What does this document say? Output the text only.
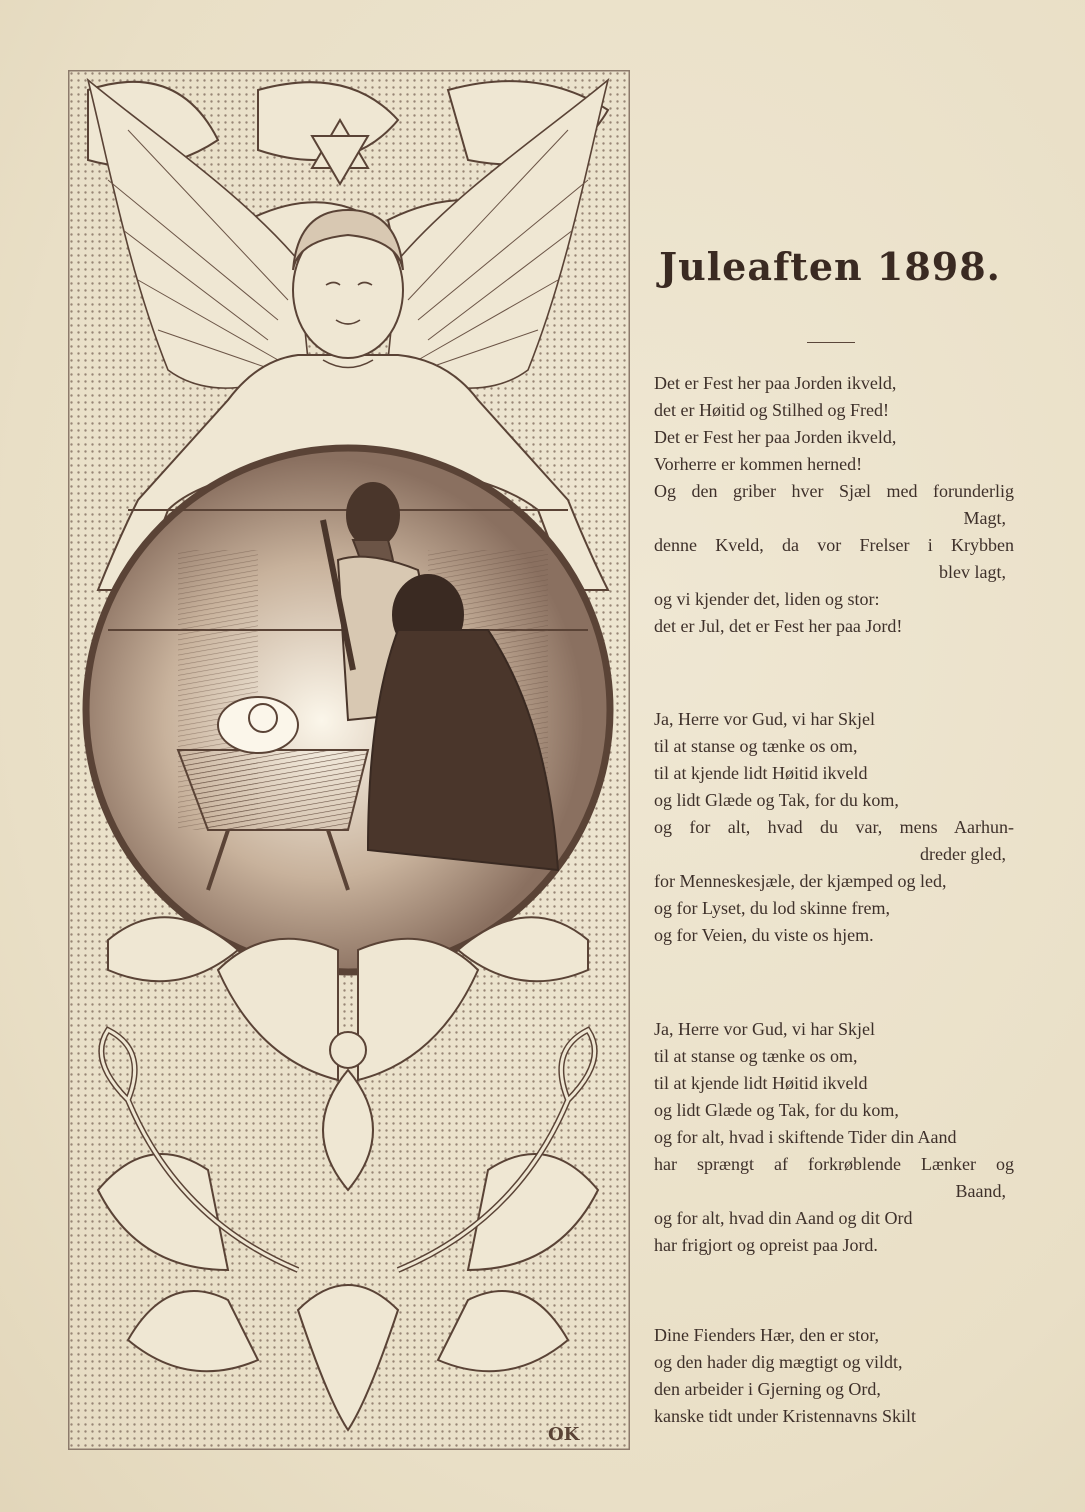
OK
Juleaften 1898.
Det er Fest her paa Jorden ikveld,
det er Høitid og Stilhed og Fred!
Det er Fest her paa Jorden ikveld,
Vorherre er kommen herned!
Og den griber hver Sjæl med forunderlig
Magt,
denne Kveld, da vor Frelser i Krybben
blev lagt,
og vi kjender det, liden og stor:
det er Jul, det er Fest her paa Jord!
Ja, Herre vor Gud, vi har Skjel
til at stanse og tænke os om,
til at kjende lidt Høitid ikveld
og lidt Glæde og Tak, for du kom,
og for alt, hvad du var, mens Aarhun-
dreder gled,
for Menneskesjæle, der kjæmped og led,
og for Lyset, du lod skinne frem,
og for Veien, du viste os hjem.
Ja, Herre vor Gud, vi har Skjel
til at stanse og tænke os om,
til at kjende lidt Høitid ikveld
og lidt Glæde og Tak, for du kom,
og for alt, hvad i skiftende Tider din Aand
har sprængt af forkrøblende Lænker og
Baand,
og for alt, hvad din Aand og dit Ord
har frigjort og opreist paa Jord.
Dine Fienders Hær, den er stor,
og den hader dig mægtigt og vildt,
den arbeider i Gjerning og Ord,
kanske tidt under Kristennavns Skilt
